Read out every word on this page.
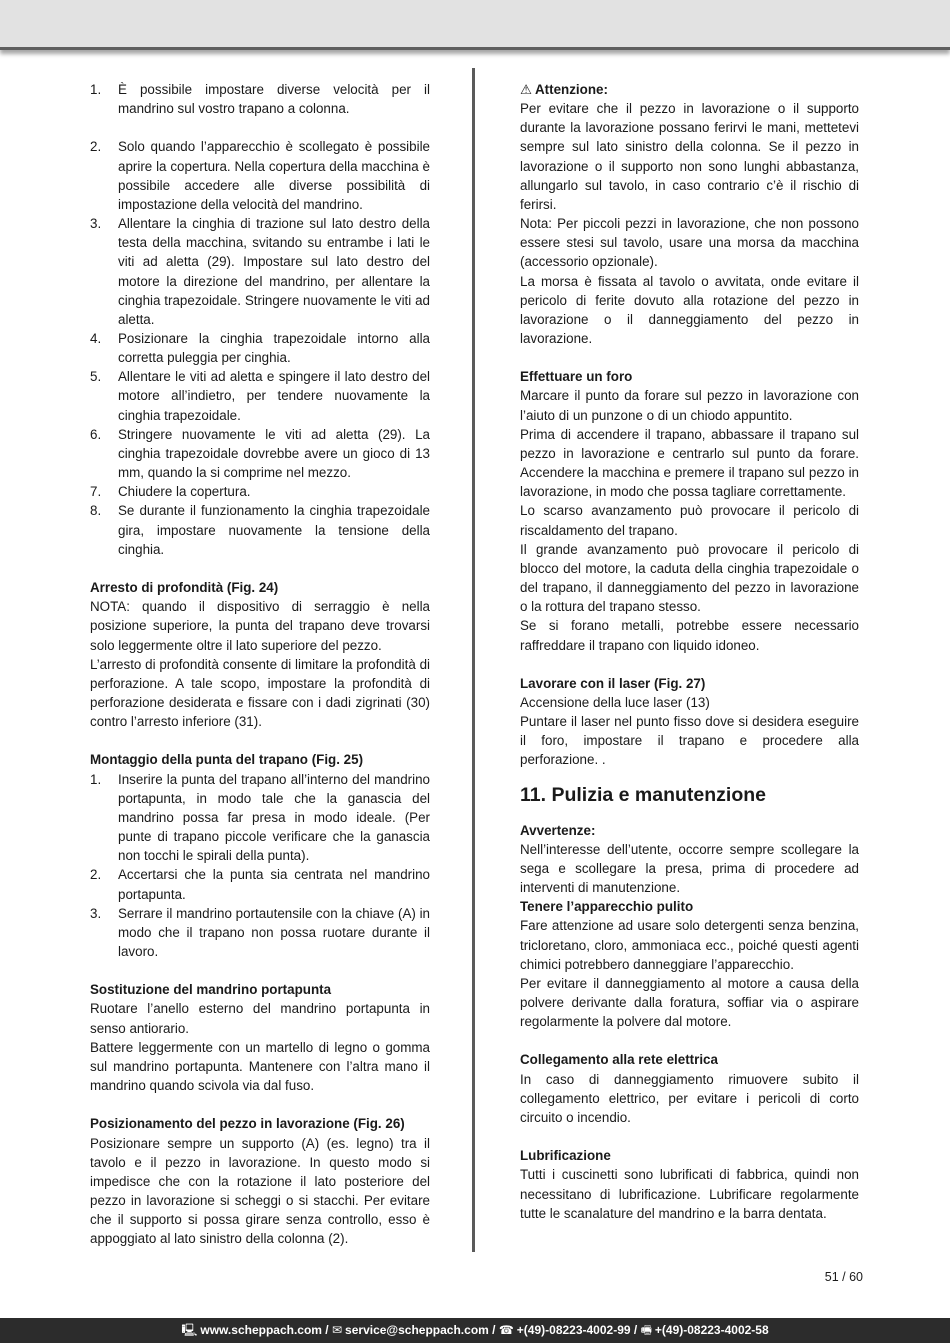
1. È possibile impostare diverse velocità per il mandrino sul vostro trapano a colonna.
2. Solo quando l’apparecchio è scollegato è possibile aprire la copertura. Nella copertura della macchina è possibile accedere alle diverse possibilità di impostazione della velocità del mandrino.
3. Allentare la cinghia di trazione sul lato destro della testa della macchina, svitando su entrambe i lati le viti ad aletta (29). Impostare sul lato destro del motore la direzione del mandrino, per allentare la cinghia trapezoidale. Stringere nuovamente le viti ad aletta.
4. Posizionare la cinghia trapezoidale intorno alla corretta puleggia per cinghia.
5. Allentare le viti ad aletta e spingere il lato destro del motore all’indietro, per tendere nuovamente la cinghia trapezoidale.
6. Stringere nuovamente le viti ad aletta (29). La cinghia trapezoidale dovrebbe avere un gioco di 13 mm, quando la si comprime nel mezzo.
7. Chiudere la copertura.
8. Se durante il funzionamento la cinghia trapezoidale gira, impostare nuovamente la tensione della cinghia.

Arresto di profondità (Fig. 24)

NOTA: quando il dispositivo di serraggio è nella posizione superiore, la punta del trapano deve trovarsi solo leggermente oltre il lato superiore del pezzo.

L’arresto di profondità consente di limitare la profondità di perforazione. A tale scopo, impostare la profondità di perforazione desiderata e fissare con i dadi zigrinati (30) contro l’arresto inferiore (31).

Montaggio della punta del trapano (Fig. 25)

1. Inserire la punta del trapano all’interno del mandrino portapunta, in modo tale che la ganascia del mandrino possa far presa in modo ideale. (Per punte di trapano piccole verificare che la ganascia non tocchi le spirali della punta).
2. Accertarsi che la punta sia centrata nel mandrino portapunta.
3. Serrare il mandrino portautensile con la chiave (A) in modo che il trapano non possa ruotare durante il lavoro.

Sostituzione del mandrino portapunta

Ruotare l’anello esterno del mandrino portapunta in senso antiorario.

Battere leggermente con un martello di legno o gomma sul mandrino portapunta. Mantenere con l’altra mano il mandrino quando scivola via dal fuso.

Posizionamento del pezzo in lavorazione (Fig. 26)

Posizionare sempre un supporto (A) (es. legno) tra il tavolo e il pezzo in lavorazione. In questo modo si impedisce che con la rotazione il lato posteriore del pezzo in lavorazione si scheggi o si stacchi. Per evitare che il supporto si possa girare senza controllo, esso è appoggiato al lato sinistro della colonna (2).

⚠ Attenzione:

Per evitare che il pezzo in lavorazione o il supporto durante la lavorazione possano ferirvi le mani, mettetevi sempre sul lato sinistro della colonna. Se il pezzo in lavorazione o il supporto non sono lunghi abbastanza, allungarlo sul tavolo, in caso contrario c’è il rischio di ferirsi.

Nota: Per piccoli pezzi in lavorazione, che non possono essere stesi sul tavolo, usare una morsa da macchina (accessorio opzionale).

La morsa è fissata al tavolo o avvitata, onde evitare il pericolo di ferite dovuto alla rotazione del pezzo in lavorazione o il danneggiamento del pezzo in lavorazione.

Effettuare un foro

Marcare il punto da forare sul pezzo in lavorazione con l’aiuto di un punzone o di un chiodo appuntito.

Prima di accendere il trapano, abbassare il trapano sul pezzo in lavorazione e centrarlo sul punto da forare. Accendere la macchina e premere il trapano sul pezzo in lavorazione, in modo che possa tagliare correttamente.

Lo scarso avanzamento può provocare il pericolo di riscaldamento del trapano.

Il grande avanzamento può provocare il pericolo di blocco del motore, la caduta della cinghia trapezoidale o del trapano, il danneggiamento del pezzo in lavorazione o la rottura del trapano stesso.

Se si forano metalli, potrebbe essere necessario raffreddare il trapano con liquido idoneo.

Lavorare con il laser (Fig. 27)

Accensione della luce laser (13)

Puntare il laser nel punto fisso dove si desidera eseguire il foro, impostare il trapano e procedere alla perforazione. .

11. Pulizia e manutenzione

Avvertenze:

Nell’interesse dell’utente, occorre sempre scollegare la sega e scollegare la presa, prima di procedere ad interventi di manutenzione.

Tenere l’apparecchio pulito

Fare attenzione ad usare solo detergenti senza benzina, tricloretano, cloro, ammoniaca ecc., poiché questi agenti chimici potrebbero danneggiare l’apparecchio.

Per evitare il danneggiamento al motore a causa della polvere derivante dalla foratura, soffiar via o aspirare regolarmente la polvere dal motore.

Collegamento alla rete elettrica

In caso di danneggiamento rimuovere subito il collegamento elettrico, per evitare i pericoli di corto circuito o incendio.

Lubrificazione

Tutti i cuscinetti sono lubrificati di fabbrica, quindi non necessitano di lubrificazione. Lubrificare regolarmente tutte le scanalature del mandrino e la barra dentata.

51 / 60
🖳 www.scheppach.com / ✉ service@scheppach.com / ☎ +(49)-08223-4002-99 / 🖷 +(49)-08223-4002-58
